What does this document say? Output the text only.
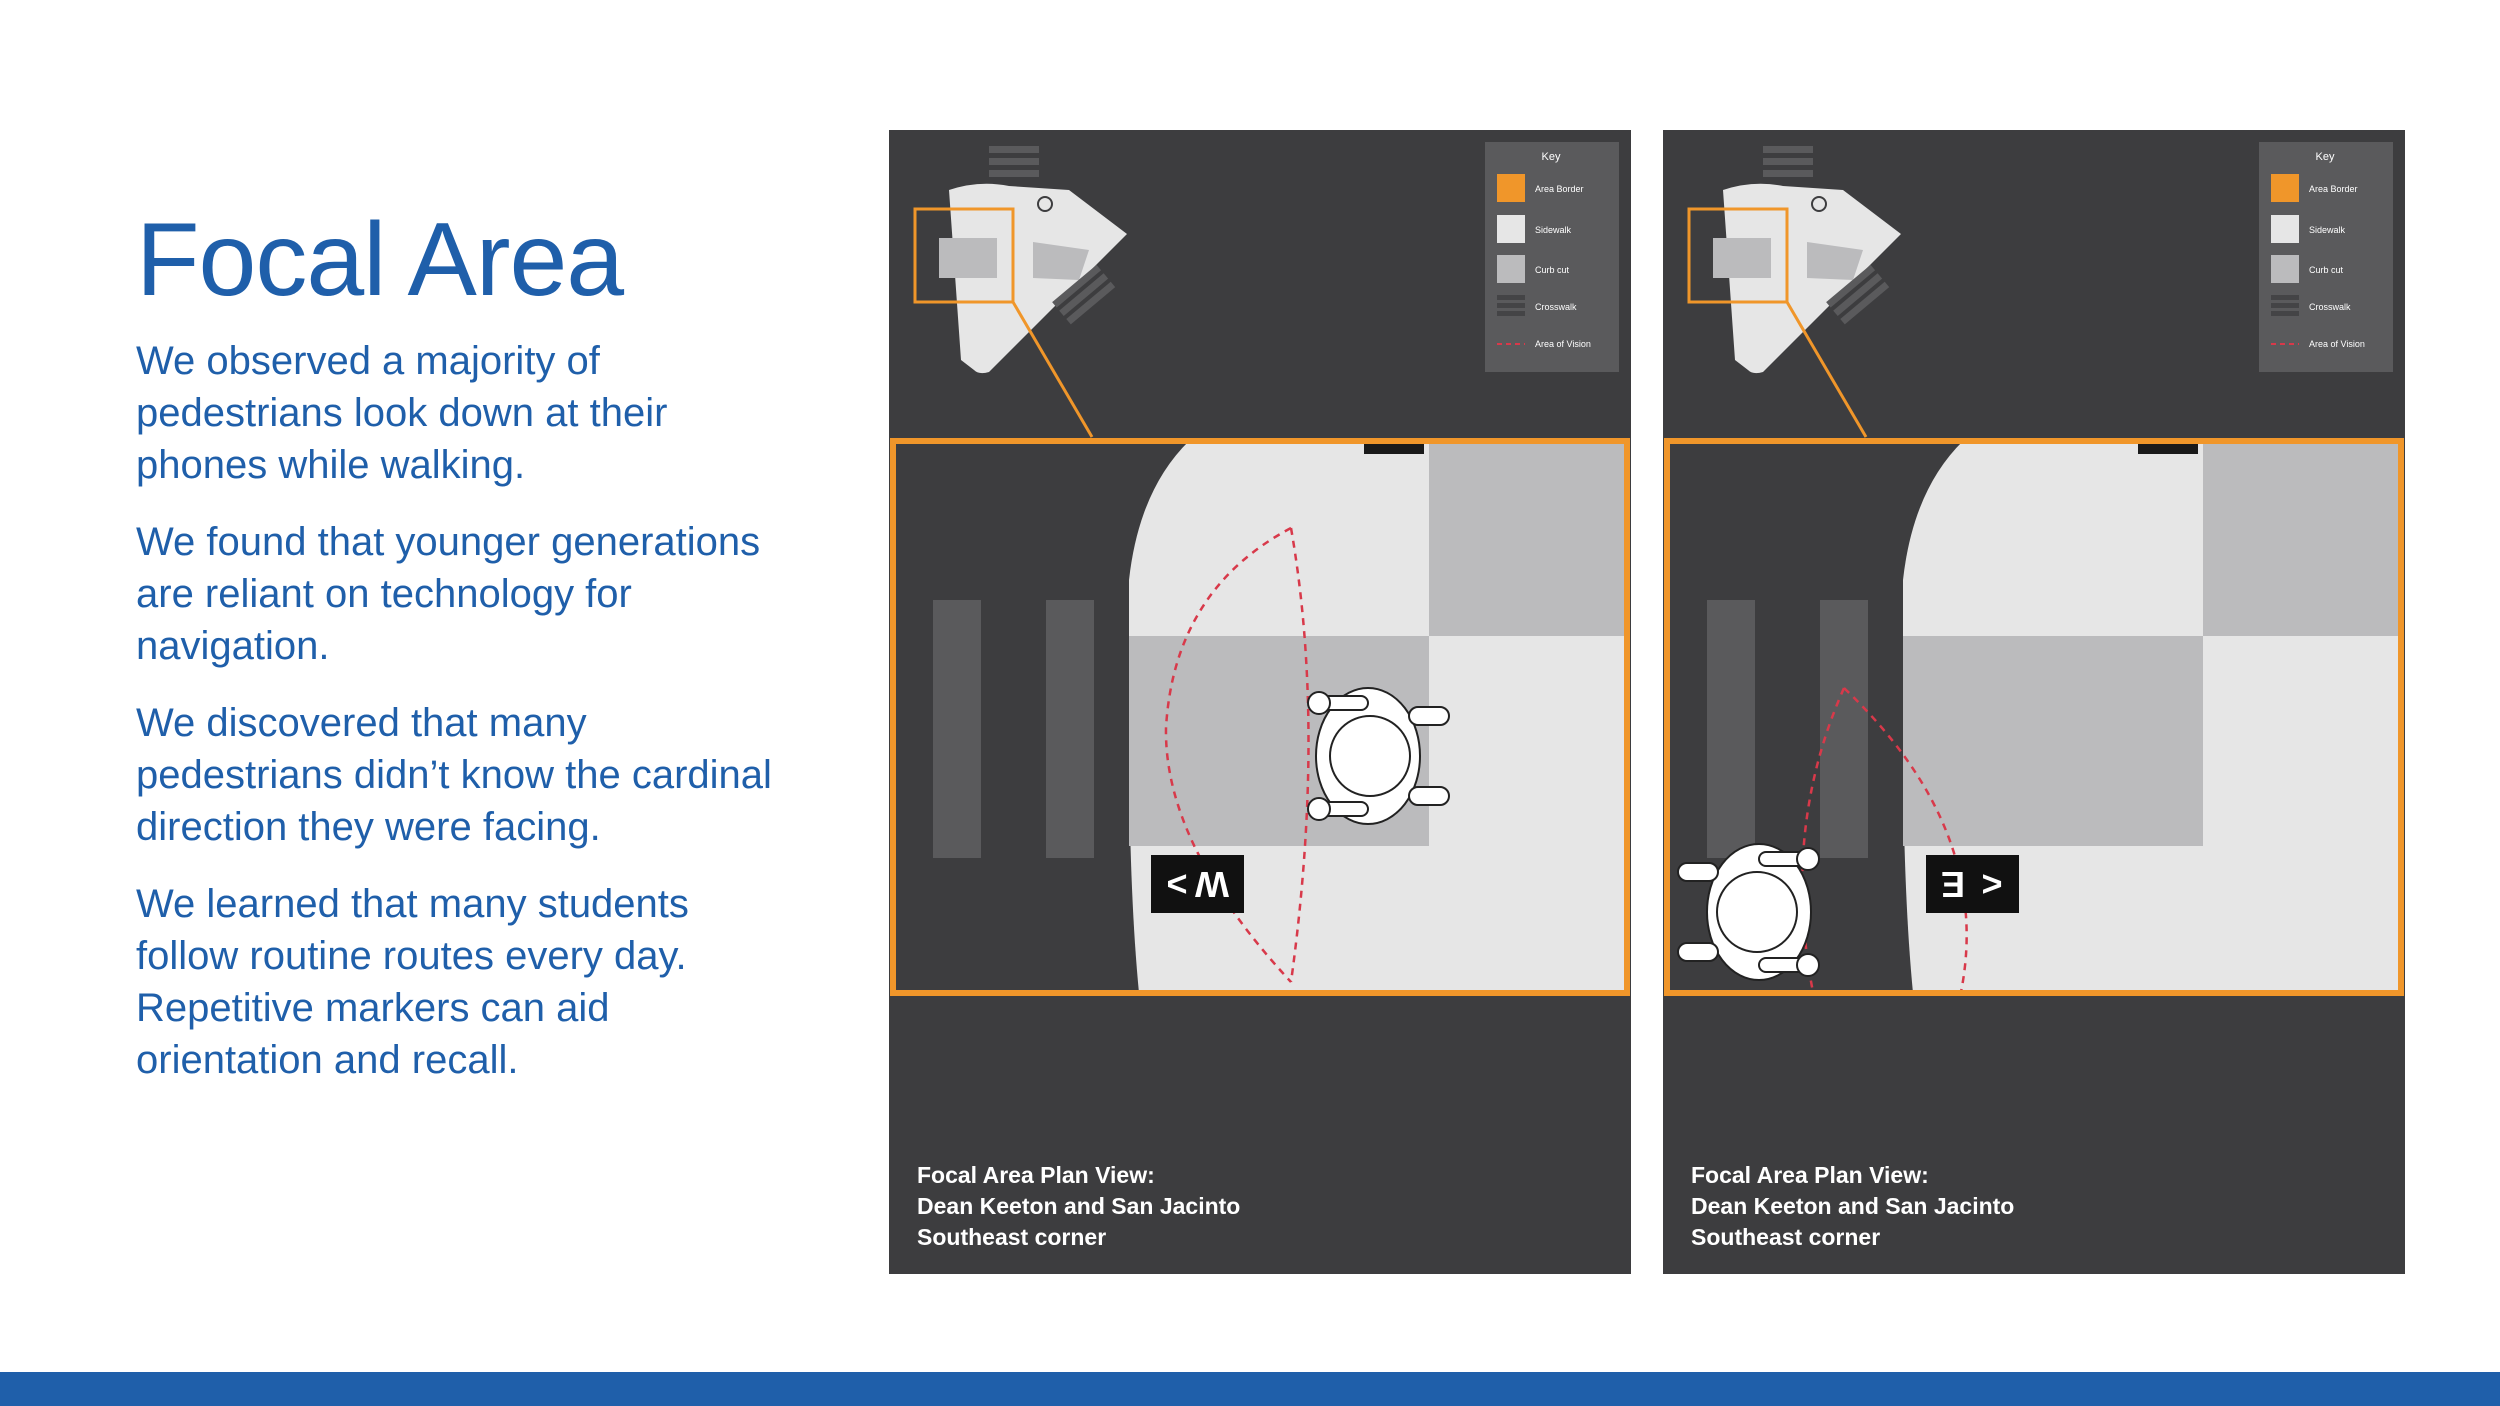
Focal Area

We observed a majority of pedestrians look down at their phones while walking.

We found that younger generations are reliant on technology for navigation.

We discovered that many pedestrians didn’t know the cardinal direction they were facing.

We learned that many students follow routine routes every day. Repetitive markers can aid orientation and recall.

Key
Area Border
Sidewalk
Curb cut
Crosswalk
Area of Vision
< W
Focal Area Plan View:
Dean Keeton and San Jacinto
Southeast corner
Key
Area Border
Sidewalk
Curb cut
Crosswalk
Area of Vision
E >
Focal Area Plan View:
Dean Keeton and San Jacinto
Southeast corner
